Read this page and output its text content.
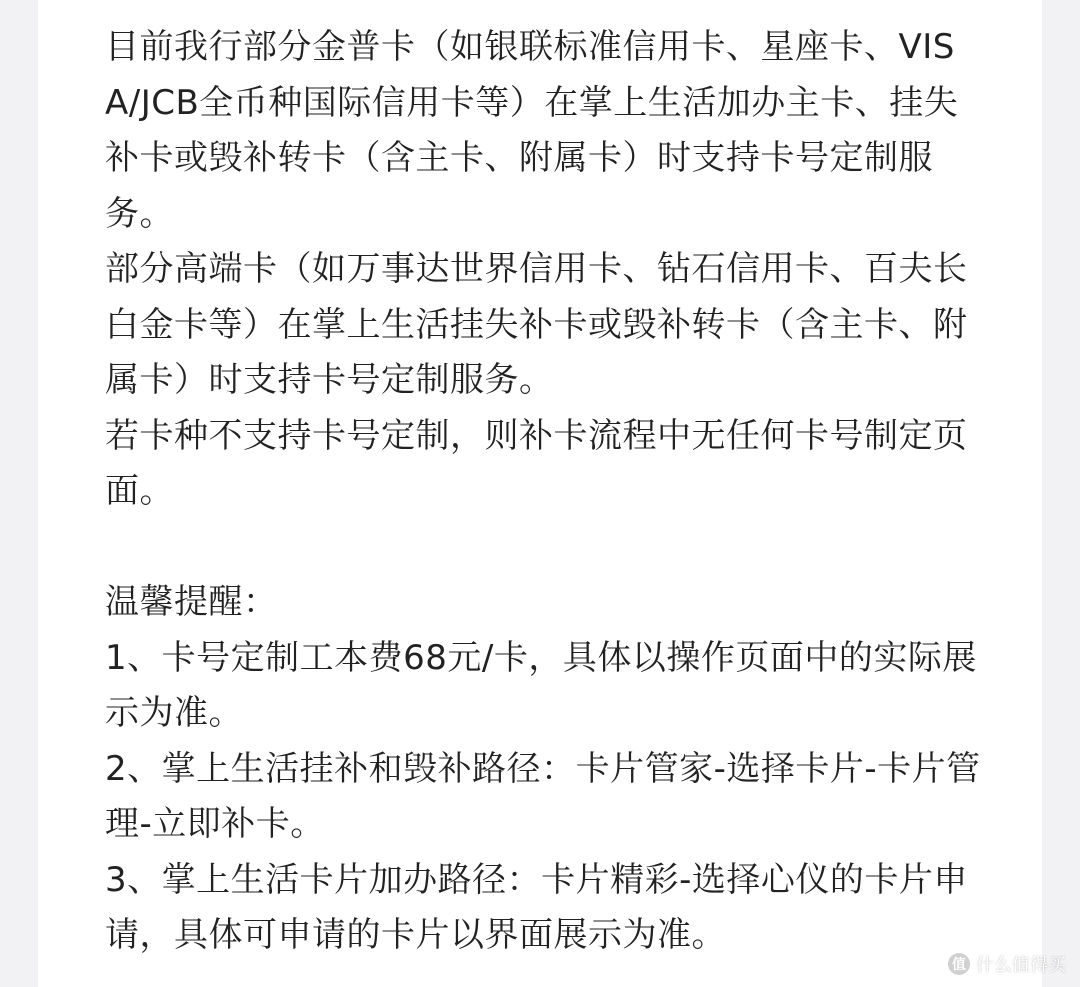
目前我行部分金普卡（如银联标准信用卡、星座卡、VISA/JCB全币种国际信用卡等）在掌上生活加办主卡、挂失补卡或毁补转卡（含主卡、附属卡）时支持卡号定制服务。

部分高端卡（如万事达世界信用卡、钻石信用卡、百夫长白金卡等）在掌上生活挂失补卡或毁补转卡（含主卡、附属卡）时支持卡号定制服务。

若卡种不支持卡号定制，则补卡流程中无任何卡号制定页面。

温馨提醒：

1、卡号定制工本费68元/卡，具体以操作页面中的实际展示为准。

2、掌上生活挂补和毁补路径：卡片管家-选择卡片-卡片管理-立即补卡。

3、掌上生活卡片加办路径：卡片精彩-选择心仪的卡片申请，具体可申请的卡片以界面展示为准。

值 什么值得买
